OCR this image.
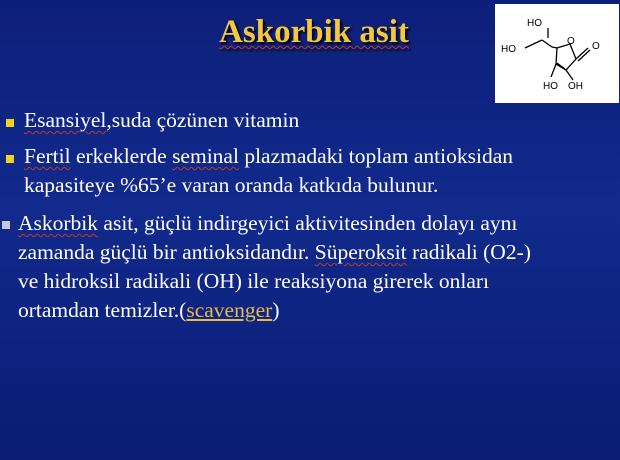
Askorbik asit	HO
HO
HO OH
O O
Esansiyel,suda çözünen vitamin
Fertil erkeklerde seminal plazmadaki toplam antioksidan
kapasiteye %65’e varan oranda katkıda bulunur.
Askorbik asit, güçlü indirgeyici aktivitesinden dolayı aynı
zamanda güçlü bir antioksidandır. Süperoksit radikali (O2-)
ve hidroksil radikali (OH) ile reaksiyona girerek onları
ortamdan temizler.(scavenger)
